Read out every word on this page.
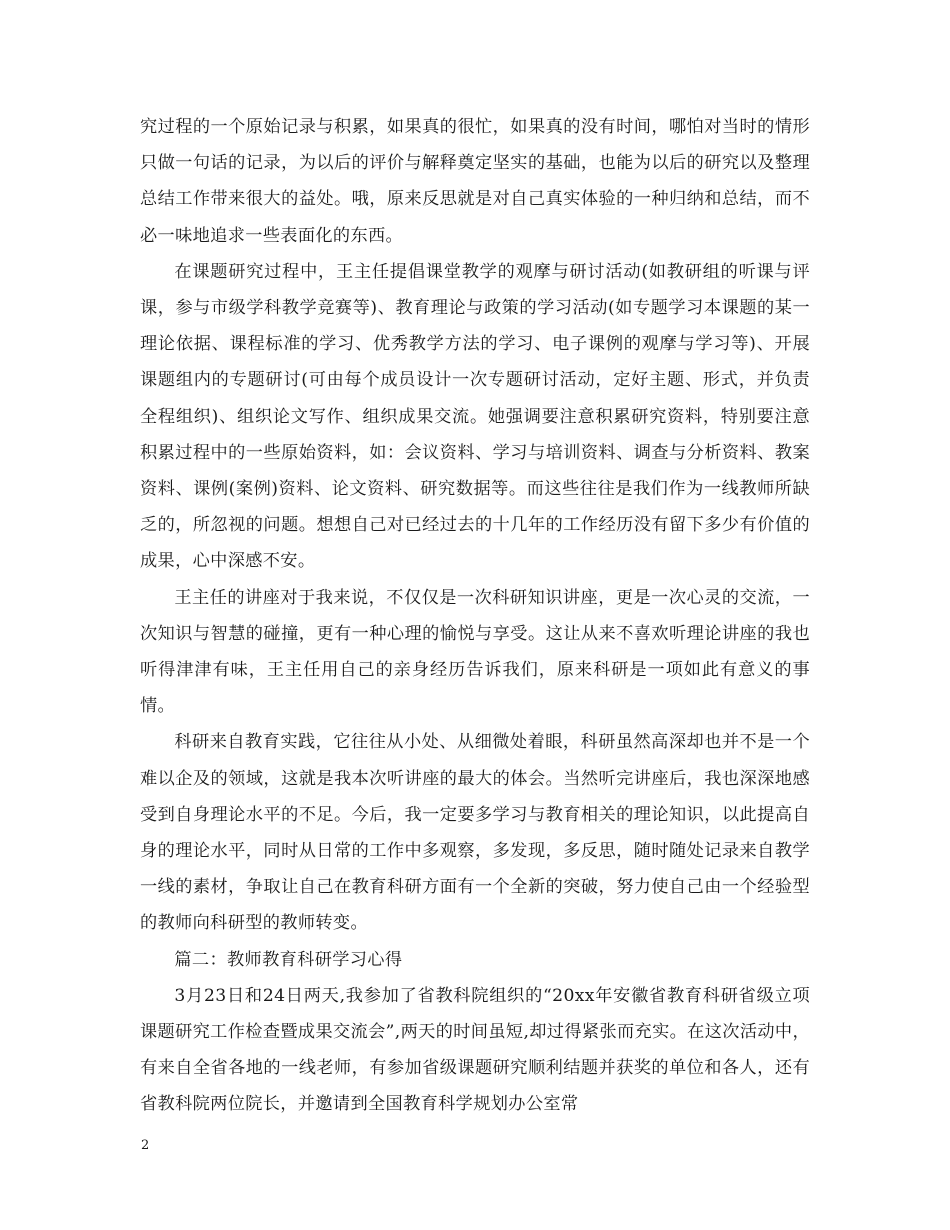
究过程的一个原始记录与积累，如果真的很忙，如果真的没有时间，哪怕对当时的情形只做一句话的记录，为以后的评价与解释奠定坚实的基础，也能为以后的研究以及整理总结工作带来很大的益处。哦，原来反思就是对自己真实体验的一种归纳和总结，而不必一味地追求一些表面化的东西。

在课题研究过程中，王主任提倡课堂教学的观摩与研讨活动(如教研组的听课与评课，参与市级学科教学竞赛等)、教育理论与政策的学习活动(如专题学习本课题的某一理论依据、课程标准的学习、优秀教学方法的学习、电子课例的观摩与学习等)、开展课题组内的专题研讨(可由每个成员设计一次专题研讨活动，定好主题、形式，并负责全程组织)、组织论文写作、组织成果交流。她强调要注意积累研究资料，特别要注意积累过程中的一些原始资料，如：会议资料、学习与培训资料、调查与分析资料、教案资料、课例(案例)资料、论文资料、研究数据等。而这些往往是我们作为一线教师所缺乏的，所忽视的问题。想想自己对已经过去的十几年的工作经历没有留下多少有价值的成果，心中深感不安。

王主任的讲座对于我来说，不仅仅是一次科研知识讲座，更是一次心灵的交流，一次知识与智慧的碰撞，更有一种心理的愉悦与享受。这让从来不喜欢听理论讲座的我也听得津津有味，王主任用自己的亲身经历告诉我们，原来科研是一项如此有意义的事情。

科研来自教育实践，它往往从小处、从细微处着眼，科研虽然高深却也并不是一个难以企及的领域，这就是我本次听讲座的最大的体会。当然听完讲座后，我也深深地感受到自身理论水平的不足。今后，我一定要多学习与教育相关的理论知识，以此提高自身的理论水平，同时从日常的工作中多观察，多发现，多反思，随时随处记录来自教学一线的素材，争取让自己在教育科研方面有一个全新的突破，努力使自己由一个经验型的教师向科研型的教师转变。

篇二：教师教育科研学习心得

3月23日和24日两天,我参加了省教科院组织的“20xx年安徽省教育科研省级立项课题研究工作检查暨成果交流会”,两天的时间虽短,却过得紧张而充实。在这次活动中，有来自全省各地的一线老师，有参加省级课题研究顺利结题并获奖的单位和各人，还有省教科院两位院长，并邀请到全国教育科学规划办公室常

2
